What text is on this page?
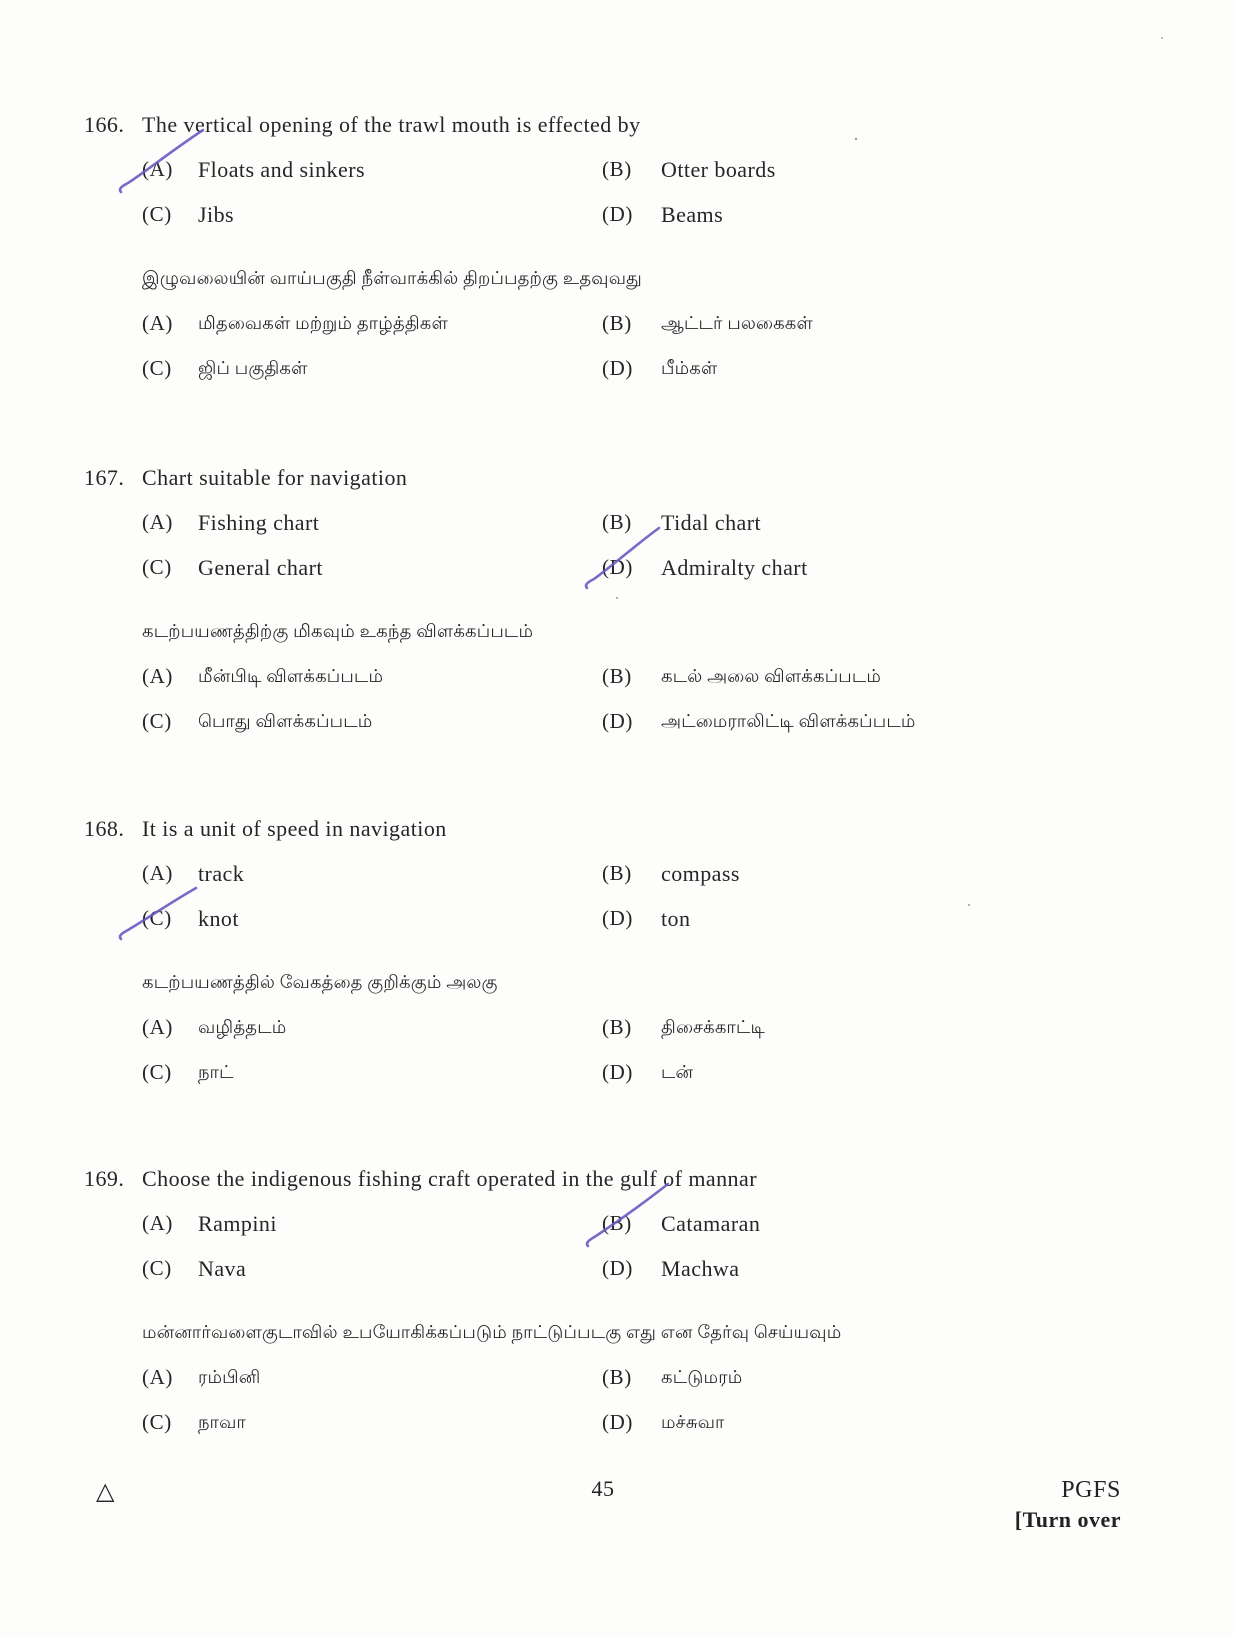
166. The vertical opening of the trawl mouth is effected by
(A)	Floats and sinkers	(B)	Otter boards
(C)	Jibs	(D)	Beams
இழுவலையின் வாய்பகுதி நீள்வாக்கில் திறப்பதற்கு உதவுவது
(A)	மிதவைகள் மற்றும் தாழ்த்திகள்	(B)	ஆட்டர் பலகைகள்
(C)	ஜிப் பகுதிகள்	(D)	பீம்கள்
167. Chart suitable for navigation
(A)	Fishing chart	(B)	Tidal chart
(C)	General chart	(D)	Admiralty chart
கடற்பயணத்திற்கு மிகவும் உகந்த விளக்கப்படம்
(A)	மீன்பிடி விளக்கப்படம்	(B)	கடல் அலை விளக்கப்படம்
(C)	பொது விளக்கப்படம்	(D)	அட்மைராலிட்டி விளக்கப்படம்
168. It is a unit of speed in navigation
(A)	track	(B)	compass
(C)	knot	(D)	ton
கடற்பயணத்தில் வேகத்தை குறிக்கும் அலகு
(A)	வழித்தடம்	(B)	திசைக்காட்டி
(C)	நாட்	(D)	டன்
169. Choose the indigenous fishing craft operated in the gulf of mannar
(A)	Rampini	(B)	Catamaran
(C)	Nava	(D)	Machwa
மன்னார்வளைகுடாவில் உபயோகிக்கப்படும் நாட்டுப்படகு எது என தேர்வு செய்யவும்
(A)	ரம்பினி	(B)	கட்டுமரம்
(C)	நாவா	(D)	மச்சுவா
△	45	PGFS
[Turn over
